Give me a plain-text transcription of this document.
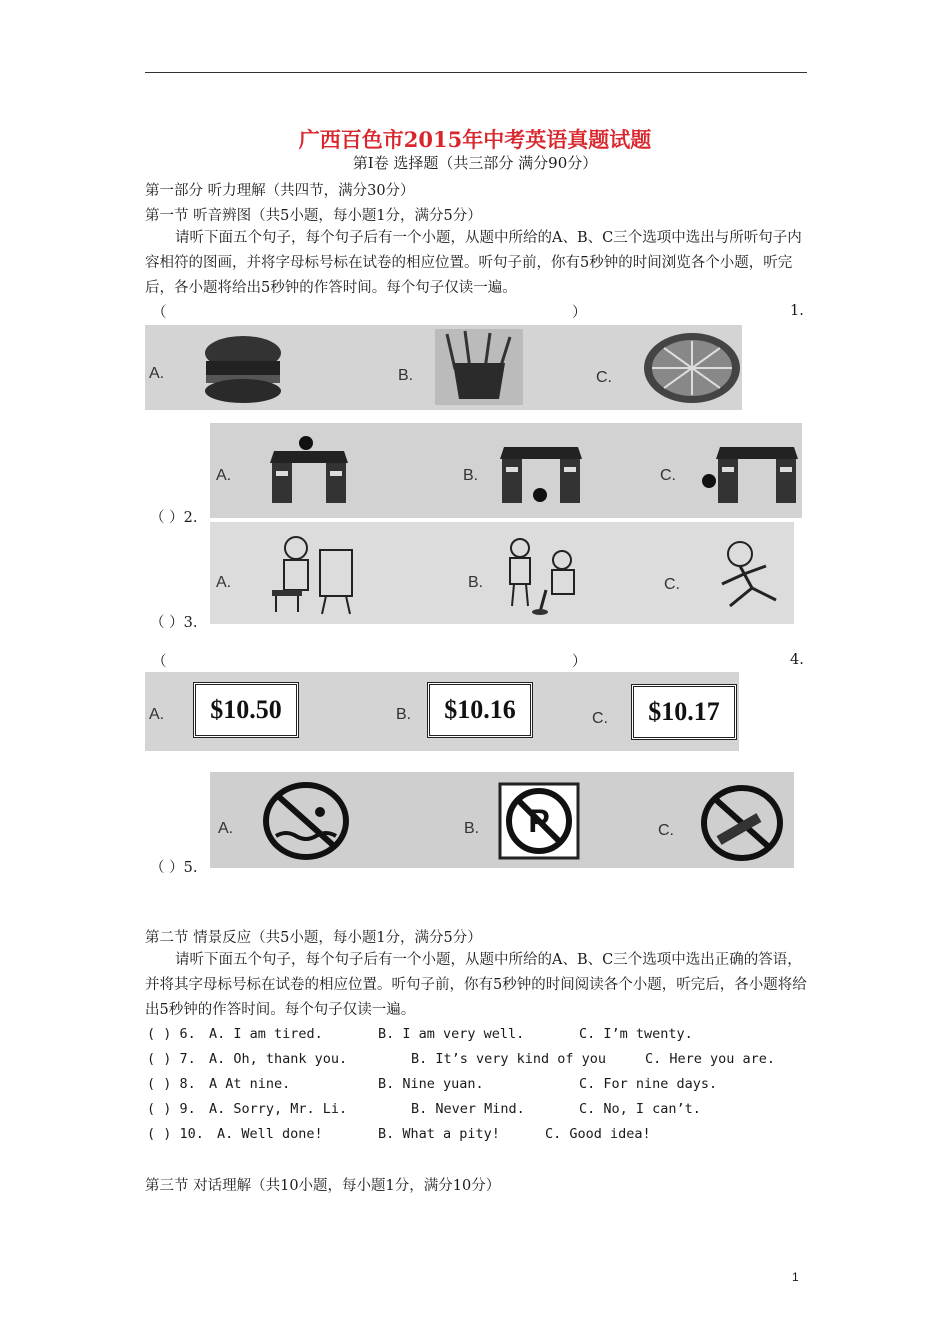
广西百色市2015年中考英语真题试题
第Ⅰ卷 选择题（共三部分 满分90分）
第一部分 听力理解（共四节，满分30分）
第一节 听音辨图（共5小题，每小题1分，满分5分）
请听下面五个句子，每个句子后有一个小题，从题中所给的A、B、C三个选项中选出与所听句子内容相符的图画，并将字母标号标在试卷的相应位置。听句子前，你有5秒钟的时间浏览各个小题，听完后，各小题将给出5秒钟的作答时间。每个句子仅读一遍。
（	）	1.
A.	B.	C.
A.	B.	C.
（ ）2.
A.	B.	C.
（ ）3.
（	）	4.
A.	$10.50	B.	$10.16	C.	$10.17
A.	B. P	C.
（ ）5.
第二节 情景反应（共5小题，每小题1分，满分5分）
请听下面五个句子，每个句子后有一个小题，从题中所给的A、B、C三个选项中选出正确的答语，并将其字母标号标在试卷的相应位置。听句子前，你有5秒钟的时间阅读各个小题，听完后，各小题将给出5秒钟的作答时间。每个句子仅读一遍。
( ) 6. A. I am tired.	B. I am very well.	C. I’m twenty.
( ) 7. A. Oh, thank you.	B. It’s very kind of you	C. Here you are.
( ) 8. A At nine.	B. Nine yuan.	C. For nine days.
( ) 9. A. Sorry, Mr. Li.	B. Never Mind.	C. No, I can’t.
( ) 10. A. Well done!	B. What a pity!	C. Good idea!
第三节 对话理解（共10小题，每小题1分，满分10分）
1
